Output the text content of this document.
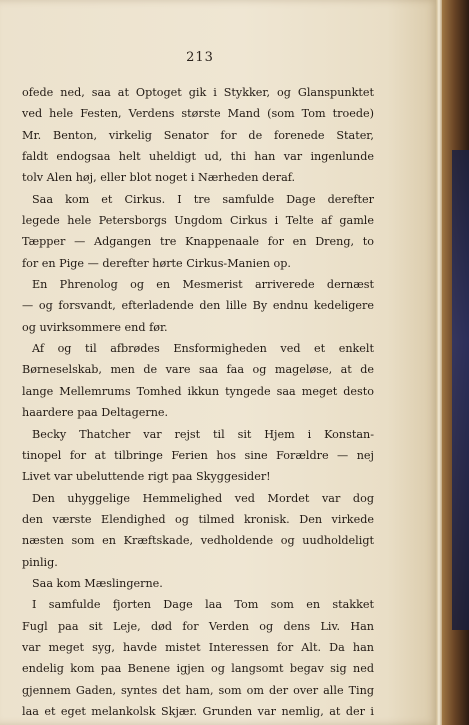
213
ofede ned, saa at Optoget gik i Stykker, og Glanspunktet
ved hele Festen, Verdens største Mand (som Tom troede)
Mr. Benton, virkelig Senator for de forenede Stater,
faldt endogsaa helt uheldigt ud, thi han var ingenlunde
tolv Alen høj, eller blot noget i Nærheden deraf.
Saa kom et Cirkus. I tre samfulde Dage derefter
legede hele Petersborgs Ungdom Cirkus i Telte af gamle
Tæpper — Adgangen tre Knappenaale for en Dreng, to
for en Pige — derefter hørte Cirkus-Manien op.
En Phrenolog og en Mesmerist arriverede dernæst
— og forsvandt, efterladende den lille By endnu kedeligere
og uvirksommere end før.
Af og til afbrødes Ensformigheden ved et enkelt
Børneselskab, men de vare saa faa og mageløse, at de
lange Mellemrums Tomhed ikkun tyngede saa meget desto
haardere paa Deltagerne.
Becky Thatcher var rejst til sit Hjem i Konstan-
tinopel for at tilbringe Ferien hos sine Forældre — nej
Livet var ubeluttende rigt paa Skyggesider!
Den uhyggelige Hemmelighed ved Mordet var dog
den værste Elendighed og tilmed kronisk. Den virkede
næsten som en Kræftskade, vedholdende og uudholdeligt
pinlig.
Saa kom Mæslingerne.
I samfulde fjorten Dage laa Tom som en stakket
Fugl paa sit Leje, død for Verden og dens Liv. Han
var meget syg, havde mistet Interessen for Alt. Da han
endelig kom paa Benene igjen og langsomt begav sig ned
gjennem Gaden, syntes det ham, som om der over alle Ting
laa et eget melankolsk Skjær. Grunden var nemlig, at der i
